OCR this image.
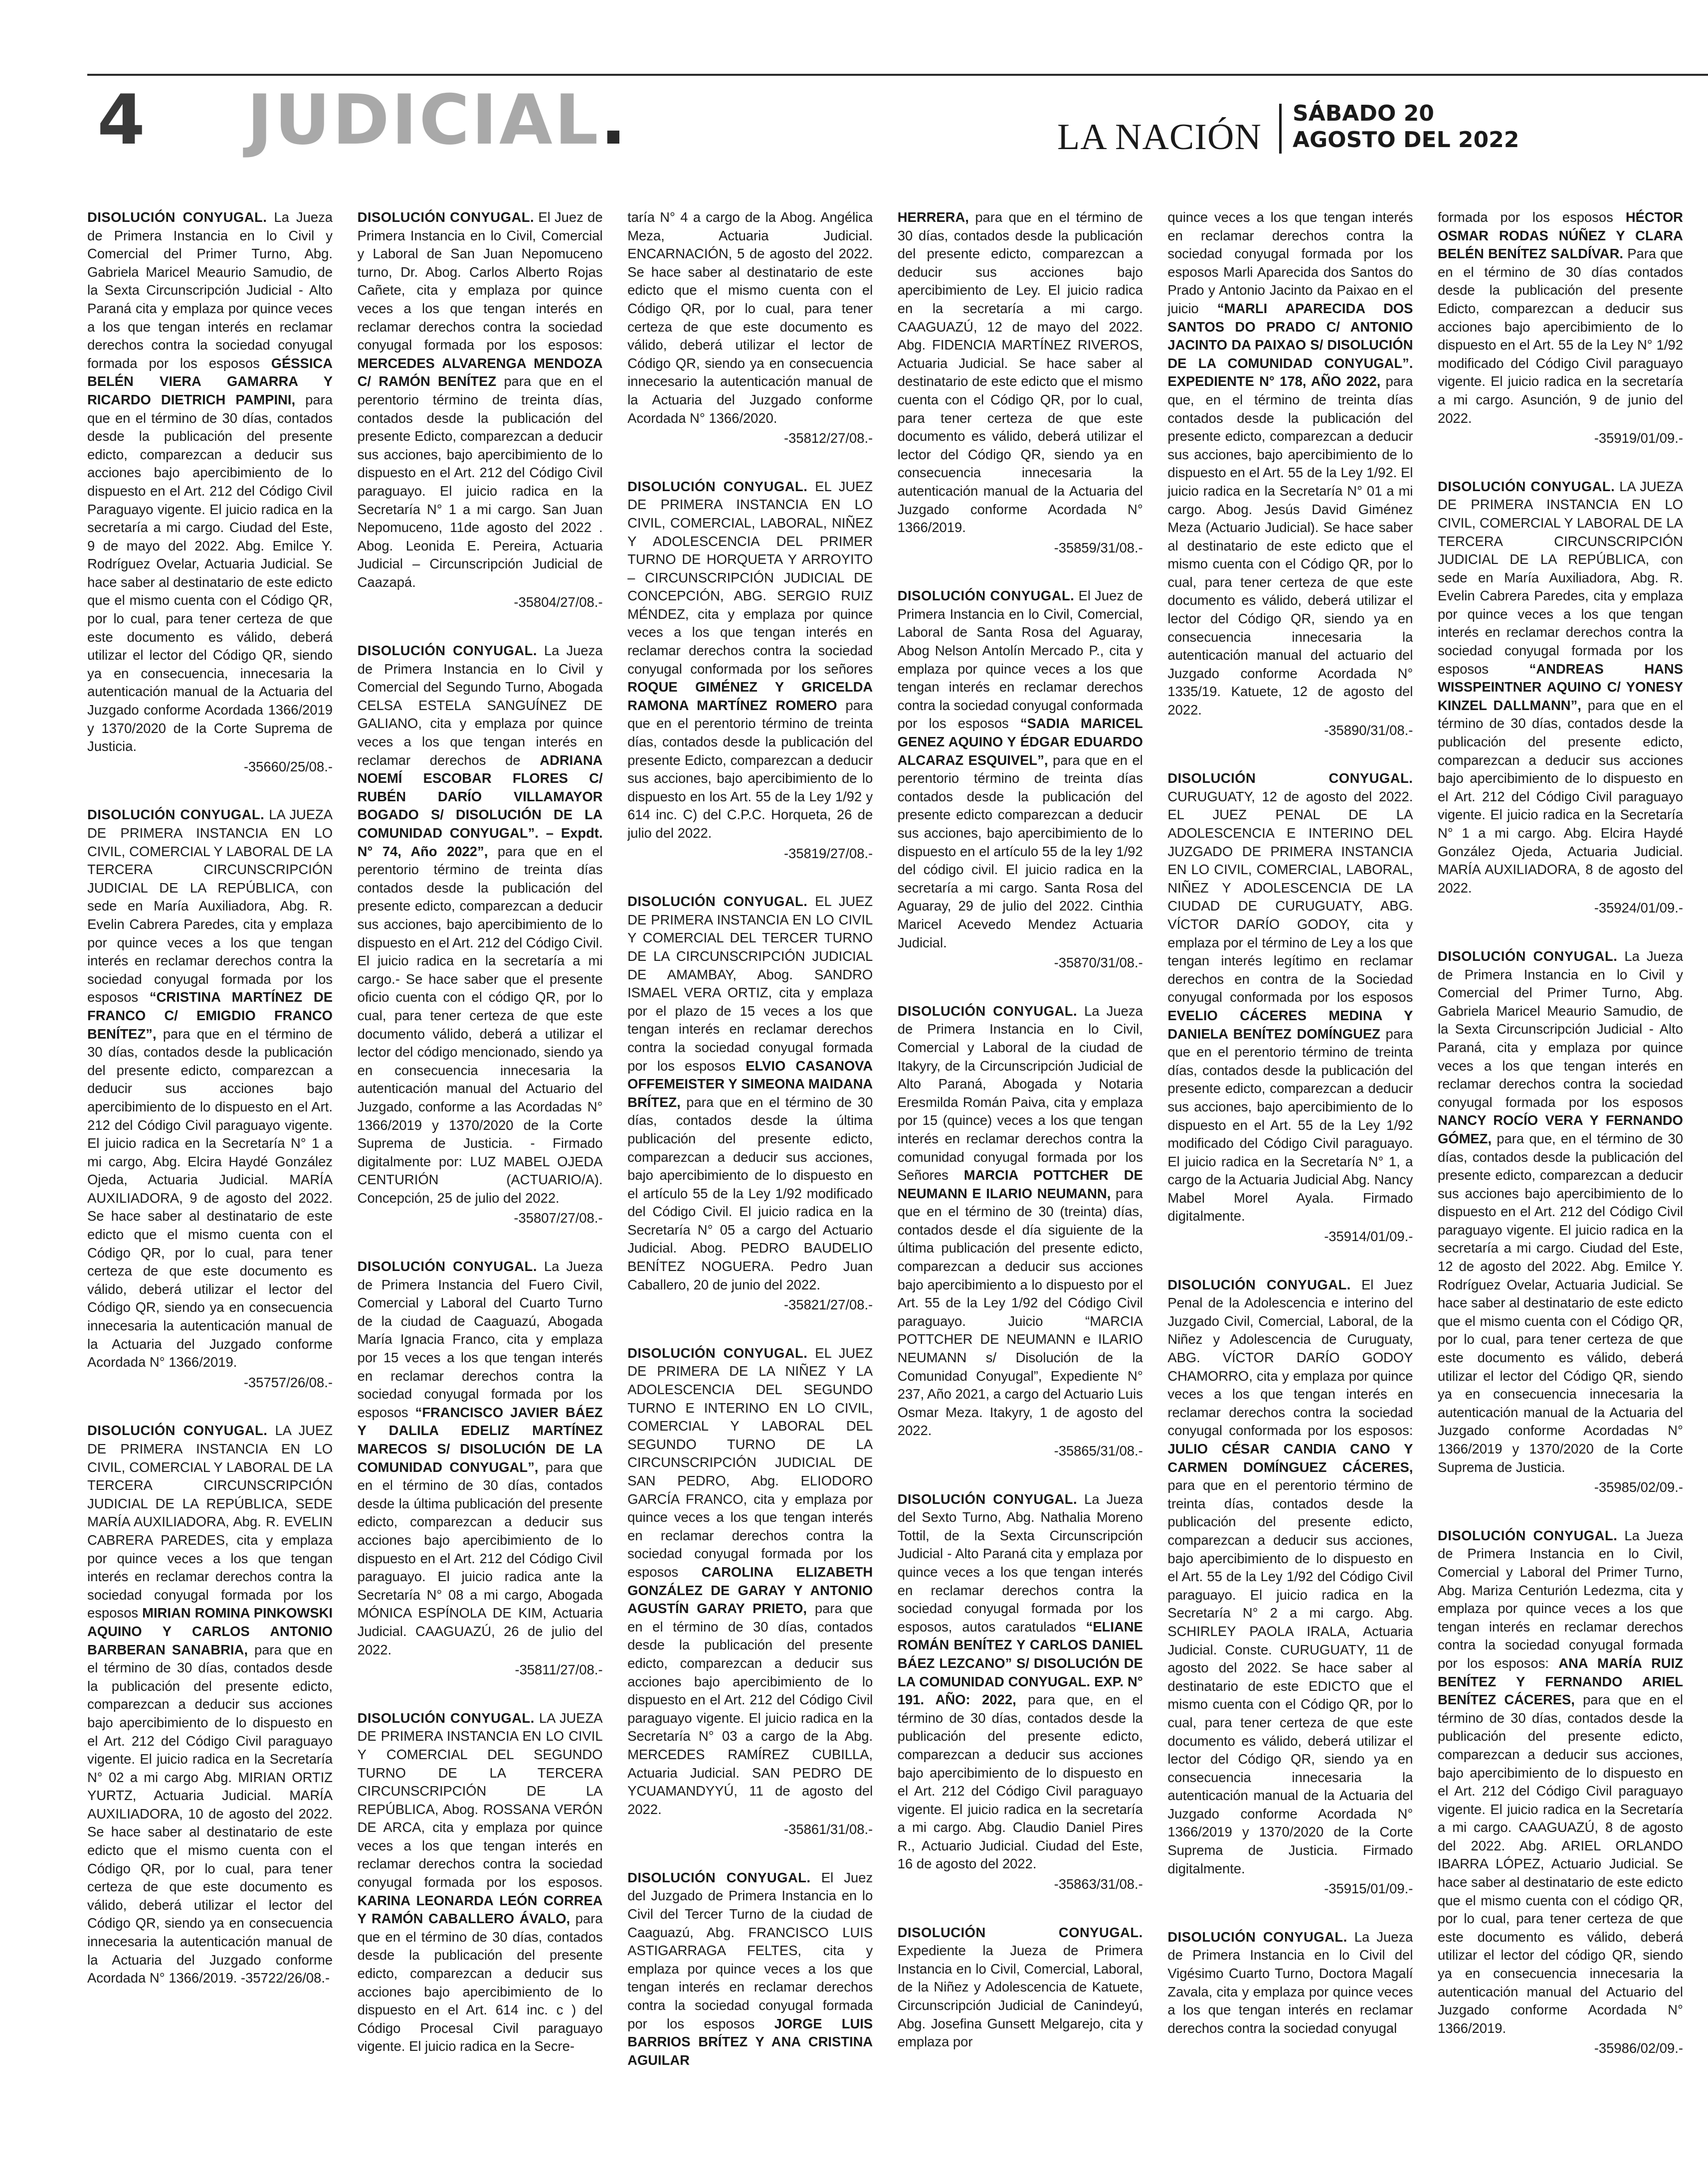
4 JUDICIAL.	LA NACIÓN
SÁBADO 20
AGOSTO DEL 2022
DISOLUCIÓN CONYUGAL. La Jueza de Primera Instancia en lo Civil y Comercial del Primer Turno, Abg. Gabriela Maricel Meaurio Samudio, de la Sexta Circunscripción Judicial - Alto Paraná cita y emplaza por quince veces a los que tengan interés en reclamar derechos contra la sociedad conyugal formada por los esposos GÉSSICA BELÉN VIERA GAMARRA Y RICARDO DIETRICH PAMPINI, para que en el término de 30 días, contados desde la publicación del presente edicto, comparezcan a deducir sus acciones bajo apercibimiento de lo dispuesto en el Art. 212 del Código Civil Paraguayo vigente. El juicio radica en la secretaría a mi cargo. Ciudad del Este, 9 de mayo del 2022. Abg. Emilce Y. Rodríguez Ovelar, Actuaria Judicial. Se hace saber al destinatario de este edicto que el mismo cuenta con el Código QR, por lo cual, para tener certeza de que este documento es válido, deberá utilizar el lector del Código QR, siendo ya en consecuencia, innecesaria la autenticación manual de la Actuaria del Juzgado conforme Acordada 1366/2019 y 1370/2020 de la Corte Suprema de Justicia.
-35660/25/08.-
DISOLUCIÓN CONYUGAL. LA JUEZA DE PRIMERA INSTANCIA EN LO CIVIL, COMERCIAL Y LABORAL DE LA TERCERA CIRCUNSCRIPCIÓN JUDICIAL DE LA REPÚBLICA, con sede en María Auxiliadora, Abg. R. Evelin Cabrera Paredes, cita y emplaza por quince veces a los que tengan interés en reclamar derechos contra la sociedad conyugal formada por los esposos “CRISTINA MARTÍNEZ DE FRANCO C/ EMIGDIO FRANCO BENÍTEZ”, para que en el término de 30 días, contados desde la publicación del presente edicto, comparezcan a deducir sus acciones bajo apercibimiento de lo dispuesto en el Art. 212 del Código Civil paraguayo vigente. El juicio radica en la Secretaría N° 1 a mi cargo, Abg. Elcira Haydé González Ojeda, Actuaria Judicial. MARÍA AUXILIADORA, 9 de agosto del 2022. Se hace saber al destinatario de este edicto que el mismo cuenta con el Código QR, por lo cual, para tener certeza de que este documento es válido, deberá utilizar el lector del Código QR, siendo ya en consecuencia innecesaria la autenticación manual de la Actuaria del Juzgado conforme Acordada N° 1366/2019.
-35757/26/08.-
DISOLUCIÓN CONYUGAL. LA JUEZ DE PRIMERA INSTANCIA EN LO CIVIL, COMERCIAL Y LABORAL DE LA TERCERA CIRCUNSCRIPCIÓN JUDICIAL DE LA REPÚBLICA, SEDE MARÍA AUXILIADORA, Abg. R. EVELIN CABRERA PAREDES, cita y emplaza por quince veces a los que tengan interés en reclamar derechos contra la sociedad conyugal formada por los esposos MIRIAN ROMINA PINKOWSKI AQUINO Y CARLOS ANTONIO BARBERAN SANABRIA, para que en el término de 30 días, contados desde la publicación del presente edicto, comparezcan a deducir sus acciones bajo apercibimiento de lo dispuesto en el Art. 212 del Código Civil paraguayo vigente. El juicio radica en la Secretaría N° 02 a mi cargo Abg. MIRIAN ORTIZ YURTZ, Actuaria Judicial. MARÍA AUXILIADORA, 10 de agosto del 2022. Se hace saber al destinatario de este edicto que el mismo cuenta con el Código QR, por lo cual, para tener certeza de que este documento es válido, deberá utilizar el lector del Código QR, siendo ya en consecuencia innecesaria la autenticación manual de la Actuaria del Juzgado conforme Acordada N° 1366/2019. -35722/26/08.-
DISOLUCIÓN CONYUGAL. El Juez de Primera Instancia en lo Civil, Comercial y Laboral de San Juan Nepomuceno turno, Dr. Abog. Carlos Alberto Rojas Cañete, cita y emplaza por quince veces a los que tengan interés en reclamar derechos contra la sociedad conyugal formada por los esposos: MERCEDES ALVARENGA MENDOZA C/ RAMÓN BENÍTEZ para que en el perentorio término de treinta días, contados desde la publicación del presente Edicto, comparezcan a deducir sus acciones, bajo apercibimiento de lo dispuesto en el Art. 212 del Código Civil paraguayo. El juicio radica en la Secretaría N° 1 a mi cargo. San Juan Nepomuceno, 11de agosto del 2022 . Abog. Leonida E. Pereira, Actuaria Judicial – Circunscripción Judicial de Caazapá.
-35804/27/08.-
DISOLUCIÓN CONYUGAL. La Jueza de Primera Instancia en lo Civil y Comercial del Segundo Turno, Abogada CELSA ESTELA SANGUÍNEZ DE GALIANO, cita y emplaza por quince veces a los que tengan interés en reclamar derechos de ADRIANA NOEMÍ ESCOBAR FLORES C/ RUBÉN DARÍO VILLAMAYOR BOGADO S/ DISOLUCIÓN DE LA COMUNIDAD CONYUGAL”. – Expdt. N° 74, Año 2022”, para que en el perentorio término de treinta días contados desde la publicación del presente edicto, comparezcan a deducir sus acciones, bajo apercibimiento de lo dispuesto en el Art. 212 del Código Civil. El juicio radica en la secretaría a mi cargo.- Se hace saber que el presente oficio cuenta con el código QR, por lo cual, para tener certeza de que este documento válido, deberá a utilizar el lector del código mencionado, siendo ya en consecuencia innecesaria la autenticación manual del Actuario del Juzgado, conforme a las Acordadas N° 1366/2019 y 1370/2020 de la Corte Suprema de Justicia. - Firmado digitalmente por: LUZ MABEL OJEDA CENTURIÓN (ACTUARIO/A). Concepción, 25 de julio del 2022.
-35807/27/08.-
DISOLUCIÓN CONYUGAL. La Jueza de Primera Instancia del Fuero Civil, Comercial y Laboral del Cuarto Turno de la ciudad de Caaguazú, Abogada María Ignacia Franco, cita y emplaza por 15 veces a los que tengan interés en reclamar derechos contra la sociedad conyugal formada por los esposos “FRANCISCO JAVIER BÁEZ Y DALILA EDELIZ MARTÍNEZ MARECOS S/ DISOLUCIÓN DE LA COMUNIDAD CONYUGAL”, para que en el término de 30 días, contados desde la última publicación del presente edicto, comparezcan a deducir sus acciones bajo apercibimiento de lo dispuesto en el Art. 212 del Código Civil paraguayo. El juicio radica ante la Secretaría N° 08 a mi cargo, Abogada MÓNICA ESPÍNOLA DE KIM, Actuaria Judicial. CAAGUAZÚ, 26 de julio del 2022.
-35811/27/08.-
DISOLUCIÓN CONYUGAL. LA JUEZA DE PRIMERA INSTANCIA EN LO CIVIL Y COMERCIAL DEL SEGUNDO TURNO DE LA TERCERA CIRCUNSCRIPCIÓN DE LA REPÚBLICA, Abog. ROSSANA VERÓN DE ARCA, cita y emplaza por quince veces a los que tengan interés en reclamar derechos contra la sociedad conyugal formada por los esposos. KARINA LEONARDA LEÓN CORREA Y RAMÓN CABALLERO ÁVALO, para que en el término de 30 días, contados desde la publicación del presente edicto, comparezcan a deducir sus acciones bajo apercibimiento de lo dispuesto en el Art. 614 inc. c ) del Código Procesal Civil paraguayo vigente. El juicio radica en la Secre-
taría N° 4 a cargo de la Abog. Angélica Meza, Actuaria Judicial. ENCARNACIÓN, 5 de agosto del 2022. Se hace saber al destinatario de este edicto que el mismo cuenta con el Código QR, por lo cual, para tener certeza de que este documento es válido, deberá utilizar el lector de Código QR, siendo ya en consecuencia innecesario la autenticación manual de la Actuaria del Juzgado conforme Acordada N° 1366/2020.
-35812/27/08.-
DISOLUCIÓN CONYUGAL. EL JUEZ DE PRIMERA INSTANCIA EN LO CIVIL, COMERCIAL, LABORAL, NIÑEZ Y ADOLESCENCIA DEL PRIMER TURNO DE HORQUETA Y ARROYITO – CIRCUNSCRIPCIÓN JUDICIAL DE CONCEPCIÓN, ABG. SERGIO RUIZ MÉNDEZ, cita y emplaza por quince veces a los que tengan interés en reclamar derechos contra la sociedad conyugal conformada por los señores ROQUE GIMÉNEZ Y GRICELDA RAMONA MARTÍNEZ ROMERO para que en el perentorio término de treinta días, contados desde la publicación del presente Edicto, comparezcan a deducir sus acciones, bajo apercibimiento de lo dispuesto en los Art. 55 de la Ley 1/92 y 614 inc. C) del C.P.C. Horqueta, 26 de julio del 2022.
-35819/27/08.-
DISOLUCIÓN CONYUGAL. EL JUEZ DE PRIMERA INSTANCIA EN LO CIVIL Y COMERCIAL DEL TERCER TURNO DE LA CIRCUNSCRIPCIÓN JUDICIAL DE AMAMBAY, Abog. SANDRO ISMAEL VERA ORTIZ, cita y emplaza por el plazo de 15 veces a los que tengan interés en reclamar derechos contra la sociedad conyugal formada por los esposos ELVIO CASANOVA OFFEMEISTER Y SIMEONA MAIDANA BRÍTEZ, para que en el término de 30 días, contados desde la última publicación del presente edicto, comparezcan a deducir sus acciones, bajo apercibimiento de lo dispuesto en el artículo 55 de la Ley 1/92 modificado del Código Civil. El juicio radica en la Secretaría N° 05 a cargo del Actuario Judicial. Abog. PEDRO BAUDELIO BENÍTEZ NOGUERA. Pedro Juan Caballero, 20 de junio del 2022.
-35821/27/08.-
DISOLUCIÓN CONYUGAL. EL JUEZ DE PRIMERA DE LA NIÑEZ Y LA ADOLESCENCIA DEL SEGUNDO TURNO E INTERINO EN LO CIVIL, COMERCIAL Y LABORAL DEL SEGUNDO TURNO DE LA CIRCUNSCRIPCIÓN JUDICIAL DE SAN PEDRO, Abg. ELIODORO GARCÍA FRANCO, cita y emplaza por quince veces a los que tengan interés en reclamar derechos contra la sociedad conyugal formada por los esposos CAROLINA ELIZABETH GONZÁLEZ DE GARAY Y ANTONIO AGUSTÍN GARAY PRIETO, para que en el término de 30 días, contados desde la publicación del presente edicto, comparezcan a deducir sus acciones bajo apercibimiento de lo dispuesto en el Art. 212 del Código Civil paraguayo vigente. El juicio radica en la Secretaría N° 03 a cargo de la Abg. MERCEDES RAMÍREZ CUBILLA, Actuaria Judicial. SAN PEDRO DE YCUAMANDYYÚ, 11 de agosto del 2022.
-35861/31/08.-
DISOLUCIÓN CONYUGAL. El Juez del Juzgado de Primera Instancia en lo Civil del Tercer Turno de la ciudad de Caaguazú, Abg. FRANCISCO LUIS ASTIGARRAGA FELTES, cita y emplaza por quince veces a los que tengan interés en reclamar derechos contra la sociedad conyugal formada por los esposos JORGE LUIS BARRIOS BRÍTEZ Y ANA CRISTINA AGUILAR
HERRERA, para que en el término de 30 días, contados desde la publicación del presente edicto, comparezcan a deducir sus acciones bajo apercibimiento de Ley. El juicio radica en la secretaría a mi cargo. CAAGUAZÚ, 12 de mayo del 2022. Abg. FIDENCIA MARTÍNEZ RIVEROS, Actuaria Judicial. Se hace saber al destinatario de este edicto que el mismo cuenta con el Código QR, por lo cual, para tener certeza de que este documento es válido, deberá utilizar el lector del Código QR, siendo ya en consecuencia innecesaria la autenticación manual de la Actuaria del Juzgado conforme Acordada N° 1366/2019.
-35859/31/08.-
DISOLUCIÓN CONYUGAL. El Juez de Primera Instancia en lo Civil, Comercial, Laboral de Santa Rosa del Aguaray, Abog Nelson Antolín Mercado P., cita y emplaza por quince veces a los que tengan interés en reclamar derechos contra la sociedad conyugal conformada por los esposos “SADIA MARICEL GENEZ AQUINO Y ÉDGAR EDUARDO ALCARAZ ESQUIVEL”, para que en el perentorio término de treinta días contados desde la publicación del presente edicto comparezcan a deducir sus acciones, bajo apercibimiento de lo dispuesto en el artículo 55 de la ley 1/92 del código civil. El juicio radica en la secretaría a mi cargo. Santa Rosa del Aguaray, 29 de julio del 2022. Cinthia Maricel Acevedo Mendez Actuaria Judicial.
-35870/31/08.-
DISOLUCIÓN CONYUGAL. La Jueza de Primera Instancia en lo Civil, Comercial y Laboral de la ciudad de Itakyry, de la Circunscripción Judicial de Alto Paraná, Abogada y Notaria Eresmilda Román Paiva, cita y emplaza por 15 (quince) veces a los que tengan interés en reclamar derechos contra la comunidad conyugal formada por los Señores MARCIA POTTCHER DE NEUMANN E ILARIO NEUMANN, para que en el término de 30 (treinta) días, contados desde el día siguiente de la última publicación del presente edicto, comparezcan a deducir sus acciones bajo apercibimiento a lo dispuesto por el Art. 55 de la Ley 1/92 del Código Civil paraguayo. Juicio “MARCIA POTTCHER DE NEUMANN e ILARIO NEUMANN s/ Disolución de la Comunidad Conyugal”, Expediente N° 237, Año 2021, a cargo del Actuario Luis Osmar Meza. Itakyry, 1 de agosto del 2022.
-35865/31/08.-
DISOLUCIÓN CONYUGAL. La Jueza del Sexto Turno, Abg. Nathalia Moreno Tottil, de la Sexta Circunscripción Judicial - Alto Paraná cita y emplaza por quince veces a los que tengan interés en reclamar derechos contra la sociedad conyugal formada por los esposos, autos caratulados “ELIANE ROMÁN BENÍTEZ Y CARLOS DANIEL BÁEZ LEZCANO” S/ DISOLUCIÓN DE LA COMUNIDAD CONYUGAL. EXP. N° 191. AÑO: 2022, para que, en el término de 30 días, contados desde la publicación del presente edicto, comparezcan a deducir sus acciones bajo apercibimiento de lo dispuesto en el Art. 212 del Código Civil paraguayo vigente. El juicio radica en la secretaría a mi cargo. Abg. Claudio Daniel Pires R., Actuario Judicial. Ciudad del Este, 16 de agosto del 2022.
-35863/31/08.-
DISOLUCIÓN CONYUGAL. Expediente la Jueza de Primera Instancia en lo Civil, Comercial, Laboral, de la Niñez y Adolescencia de Katuete, Circunscripción Judicial de Canindeyú, Abg. Josefina Gunsett Melgarejo, cita y emplaza por
quince veces a los que tengan interés en reclamar derechos contra la sociedad conyugal formada por los esposos Marli Aparecida dos Santos do Prado y Antonio Jacinto da Paixao en el juicio “MARLI APARECIDA DOS SANTOS DO PRADO C/ ANTONIO JACINTO DA PAIXAO S/ DISOLUCIÓN DE LA COMUNIDAD CONYUGAL”. EXPEDIENTE N° 178, AÑO 2022, para que, en el término de treinta días contados desde la publicación del presente edicto, comparezcan a deducir sus acciones, bajo apercibimiento de lo dispuesto en el Art. 55 de la Ley 1/92. El juicio radica en la Secretaría N° 01 a mi cargo. Abog. Jesús David Giménez Meza (Actuario Judicial). Se hace saber al destinatario de este edicto que el mismo cuenta con el Código QR, por lo cual, para tener certeza de que este documento es válido, deberá utilizar el lector del Código QR, siendo ya en consecuencia innecesaria la autenticación manual del actuario del Juzgado conforme Acordada N° 1335/19. Katuete, 12 de agosto del 2022.
-35890/31/08.-
DISOLUCIÓN CONYUGAL. CURUGUATY, 12 de agosto del 2022. EL JUEZ PENAL DE LA ADOLESCENCIA E INTERINO DEL JUZGADO DE PRIMERA INSTANCIA EN LO CIVIL, COMERCIAL, LABORAL, NIÑEZ Y ADOLESCENCIA DE LA CIUDAD DE CURUGUATY, ABG. VÍCTOR DARÍO GODOY, cita y emplaza por el término de Ley a los que tengan interés legítimo en reclamar derechos en contra de la Sociedad conyugal conformada por los esposos EVELIO CÁCERES MEDINA Y DANIELA BENÍTEZ DOMÍNGUEZ para que en el perentorio término de treinta días, contados desde la publicación del presente edicto, comparezcan a deducir sus acciones, bajo apercibimiento de lo dispuesto en el Art. 55 de la Ley 1/92 modificado del Código Civil paraguayo. El juicio radica en la Secretaría N° 1, a cargo de la Actuaria Judicial Abg. Nancy Mabel Morel Ayala. Firmado digitalmente.
-35914/01/09.-
DISOLUCIÓN CONYUGAL. El Juez Penal de la Adolescencia e interino del Juzgado Civil, Comercial, Laboral, de la Niñez y Adolescencia de Curuguaty, ABG. VÍCTOR DARÍO GODOY CHAMORRO, cita y emplaza por quince veces a los que tengan interés en reclamar derechos contra la sociedad conyugal conformada por los esposos: JULIO CÉSAR CANDIA CANO Y CARMEN DOMÍNGUEZ CÁCERES, para que en el perentorio término de treinta días, contados desde la publicación del presente edicto, comparezcan a deducir sus acciones, bajo apercibimiento de lo dispuesto en el Art. 55 de la Ley 1/92 del Código Civil paraguayo. El juicio radica en la Secretaría N° 2 a mi cargo. Abg. SCHIRLEY PAOLA IRALA, Actuaria Judicial. Conste. CURUGUATY, 11 de agosto del 2022. Se hace saber al destinatario de este EDICTO que el mismo cuenta con el Código QR, por lo cual, para tener certeza de que este documento es válido, deberá utilizar el lector del Código QR, siendo ya en consecuencia innecesaria la autenticación manual de la Actuaria del Juzgado conforme Acordada N° 1366/2019 y 1370/2020 de la Corte Suprema de Justicia. Firmado digitalmente.
-35915/01/09.-
DISOLUCIÓN CONYUGAL. La Jueza de Primera Instancia en lo Civil del Vigésimo Cuarto Turno, Doctora Magalí Zavala, cita y emplaza por quince veces a los que tengan interés en reclamar derechos contra la sociedad conyugal
formada por los esposos HÉCTOR OSMAR RODAS NÚÑEZ Y CLARA BELÉN BENÍTEZ SALDÍVAR. Para que en el término de 30 días contados desde la publicación del presente Edicto, comparezcan a deducir sus acciones bajo apercibimiento de lo dispuesto en el Art. 55 de la Ley N° 1/92 modificado del Código Civil paraguayo vigente. El juicio radica en la secretaría a mi cargo. Asunción, 9 de junio del 2022.
-35919/01/09.-
DISOLUCIÓN CONYUGAL. LA JUEZA DE PRIMERA INSTANCIA EN LO CIVIL, COMERCIAL Y LABORAL DE LA TERCERA CIRCUNSCRIPCIÓN JUDICIAL DE LA REPÚBLICA, con sede en María Auxiliadora, Abg. R. Evelin Cabrera Paredes, cita y emplaza por quince veces a los que tengan interés en reclamar derechos contra la sociedad conyugal formada por los esposos	“ANDREAS HANS WISSPEINTNER AQUINO C/ YONESY KINZEL DALLMANN”, para que en el término de 30 días, contados desde la publicación del presente edicto, comparezcan a deducir sus acciones bajo apercibimiento de lo dispuesto en el Art. 212 del Código Civil paraguayo vigente. El juicio radica en la Secretaría N° 1 a mi cargo. Abg. Elcira Haydé González Ojeda, Actuaria Judicial. MARÍA AUXILIADORA, 8 de agosto del 2022.
-35924/01/09.-
DISOLUCIÓN CONYUGAL. La Jueza de Primera Instancia en lo Civil y Comercial del Primer Turno, Abg. Gabriela Maricel Meaurio Samudio, de la Sexta Circunscripción Judicial - Alto Paraná, cita y emplaza por quince veces a los que tengan interés en reclamar derechos contra la sociedad conyugal formada por los esposos NANCY ROCÍO VERA Y FERNANDO GÓMEZ, para que, en el término de 30 días, contados desde la publicación del presente edicto, comparezcan a deducir sus acciones bajo apercibimiento de lo dispuesto en el Art. 212 del Código Civil paraguayo vigente. El juicio radica en la secretaría a mi cargo. Ciudad del Este, 12 de agosto del 2022. Abg. Emilce Y. Rodríguez Ovelar, Actuaria Judicial. Se hace saber al destinatario de este edicto que el mismo cuenta con el Código QR, por lo cual, para tener certeza de que este documento es válido, deberá utilizar el lector del Código QR, siendo ya en consecuencia innecesaria la autenticación manual de la Actuaria del Juzgado conforme Acordadas N° 1366/2019 y 1370/2020 de la Corte Suprema de Justicia.
-35985/02/09.-
DISOLUCIÓN CONYUGAL. La Jueza de Primera Instancia en lo Civil, Comercial y Laboral del Primer Turno, Abg. Mariza Centurión Ledezma, cita y emplaza por quince veces a los que tengan interés en reclamar derechos contra la sociedad conyugal formada por los esposos: ANA MARÍA RUIZ BENÍTEZ Y FERNANDO ARIEL BENÍTEZ CÁCERES, para que en el término de 30 días, contados desde la publicación del presente edicto, comparezcan a deducir sus acciones, bajo apercibimiento de lo dispuesto en el Art. 212 del Código Civil paraguayo vigente. El juicio radica en la Secretaría a mi cargo. CAAGUAZÚ, 8 de agosto del 2022. Abg. ARIEL ORLANDO IBARRA LÓPEZ, Actuario Judicial. Se hace saber al destinatario de este edicto que el mismo cuenta con el código QR, por lo cual, para tener certeza de que este documento es válido, deberá utilizar el lector del código QR, siendo ya en consecuencia innecesaria la autenticación manual del Actuario del Juzgado conforme Acordada N° 1366/2019.
-35986/02/09.-
